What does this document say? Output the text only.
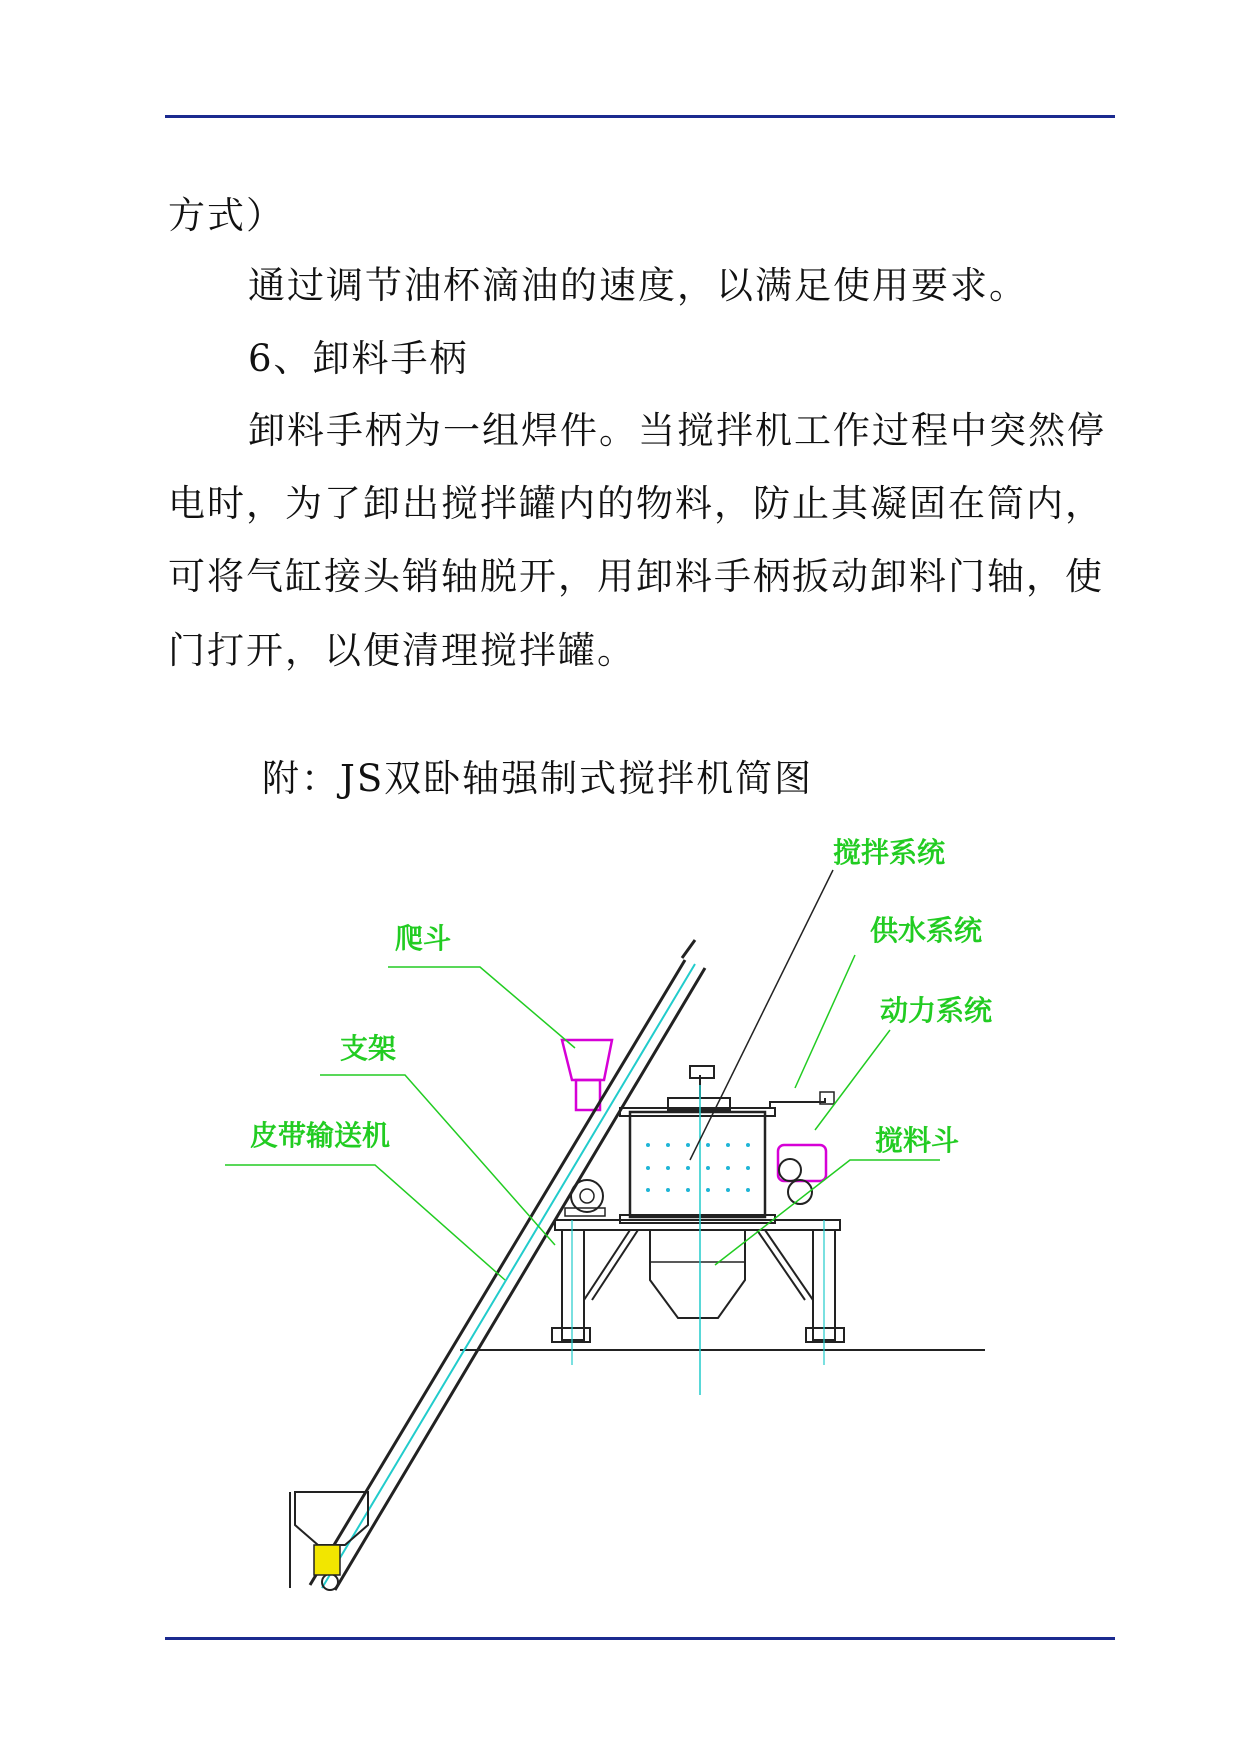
方式）
通过调节油杯滴油的速度，以满足使用要求。
6、卸料手柄
卸料手柄为一组焊件。当搅拌机工作过程中突然停
电时，为了卸出搅拌罐内的物料，防止其凝固在筒内，
可将气缸接头销轴脱开，用卸料手柄扳动卸料门轴，使
门打开，以便清理搅拌罐。
附：JS双卧轴强制式搅拌机简图
搅拌系统
供水系统
动力系统
爬斗
支架
搅料斗
皮带输送机
